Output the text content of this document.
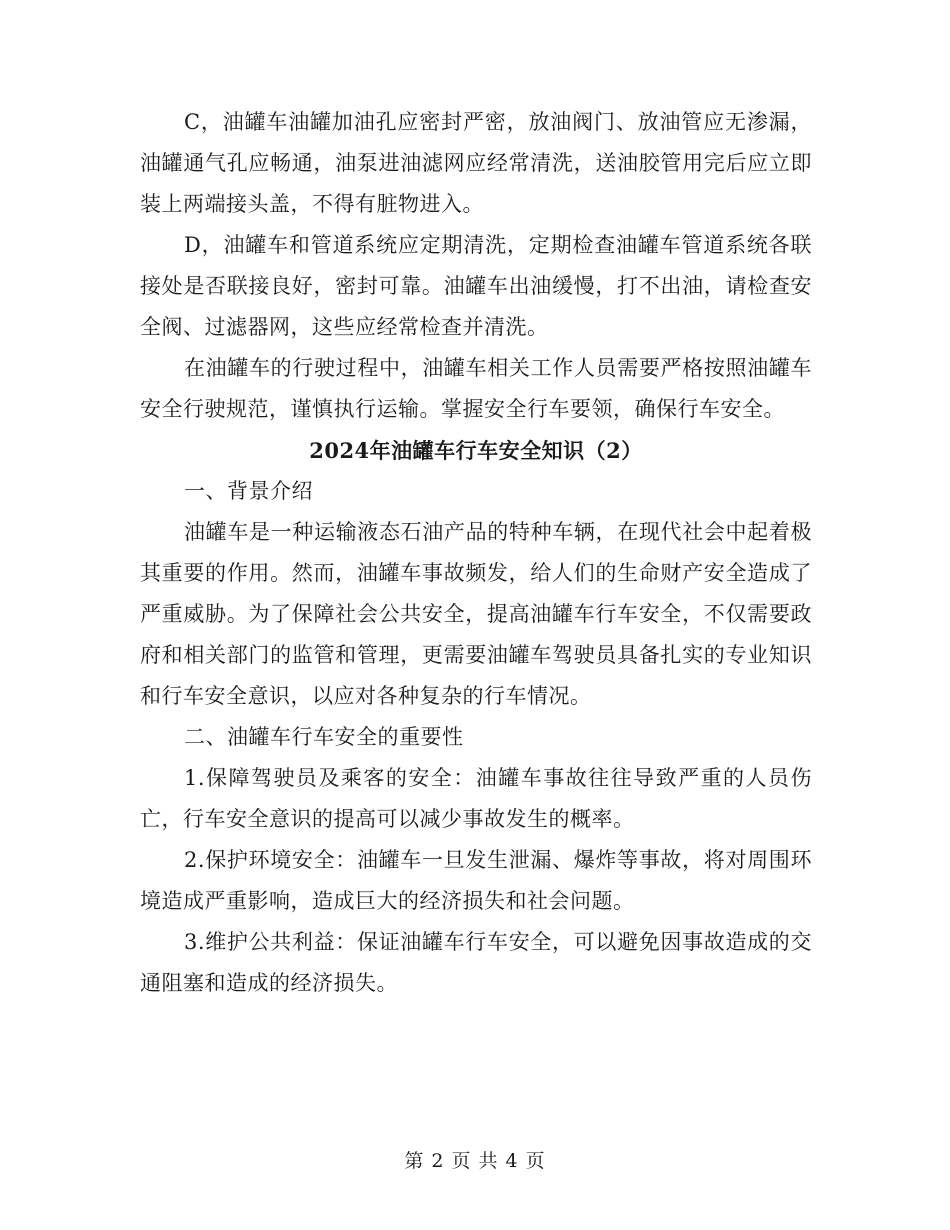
C，油罐车油罐加油孔应密封严密，放油阀门、放油管应无渗漏，油罐通气孔应畅通，油泵进油滤网应经常清洗，送油胶管用完后应立即装上两端接头盖，不得有脏物进入。

D，油罐车和管道系统应定期清洗，定期检查油罐车管道系统各联接处是否联接良好，密封可靠。油罐车出油缓慢，打不出油，请检查安全阀、过滤器网，这些应经常检查并清洗。

在油罐车的行驶过程中，油罐车相关工作人员需要严格按照油罐车安全行驶规范，谨慎执行运输。掌握安全行车要领，确保行车安全。

2024年油罐车行车安全知识（2）

一、背景介绍

油罐车是一种运输液态石油产品的特种车辆，在现代社会中起着极其重要的作用。然而，油罐车事故频发，给人们的生命财产安全造成了严重威胁。为了保障社会公共安全，提高油罐车行车安全，不仅需要政府和相关部门的监管和管理，更需要油罐车驾驶员具备扎实的专业知识和行车安全意识，以应对各种复杂的行车情况。

二、油罐车行车安全的重要性

1.保障驾驶员及乘客的安全：油罐车事故往往导致严重的人员伤亡，行车安全意识的提高可以减少事故发生的概率。

2.保护环境安全：油罐车一旦发生泄漏、爆炸等事故，将对周围环境造成严重影响，造成巨大的经济损失和社会问题。

3.维护公共利益：保证油罐车行车安全，可以避免因事故造成的交通阻塞和造成的经济损失。

第 2 页 共 4 页
